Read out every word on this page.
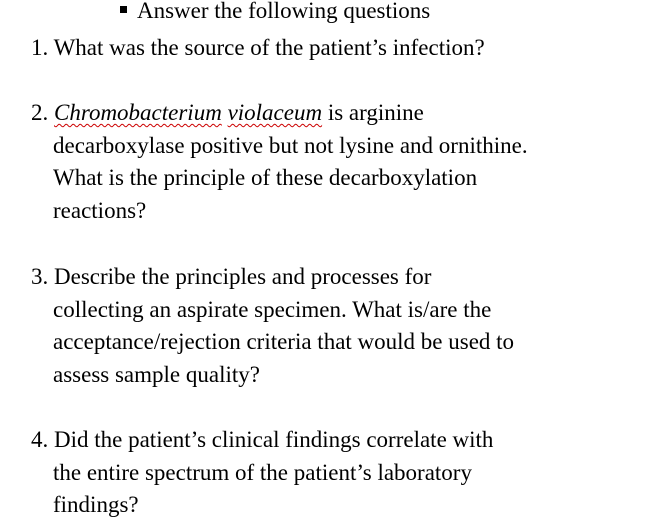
Answer the following questions
1. What was the source of the patient’s infection?
2. Chromobacterium violaceum is arginine
decarboxylase positive but not lysine and ornithine.
What is the principle of these decarboxylation
reactions?
3. Describe the principles and processes for
collecting an aspirate specimen. What is/are the
acceptance/rejection criteria that would be used to
assess sample quality?
4. Did the patient’s clinical findings correlate with
the entire spectrum of the patient’s laboratory
findings?
